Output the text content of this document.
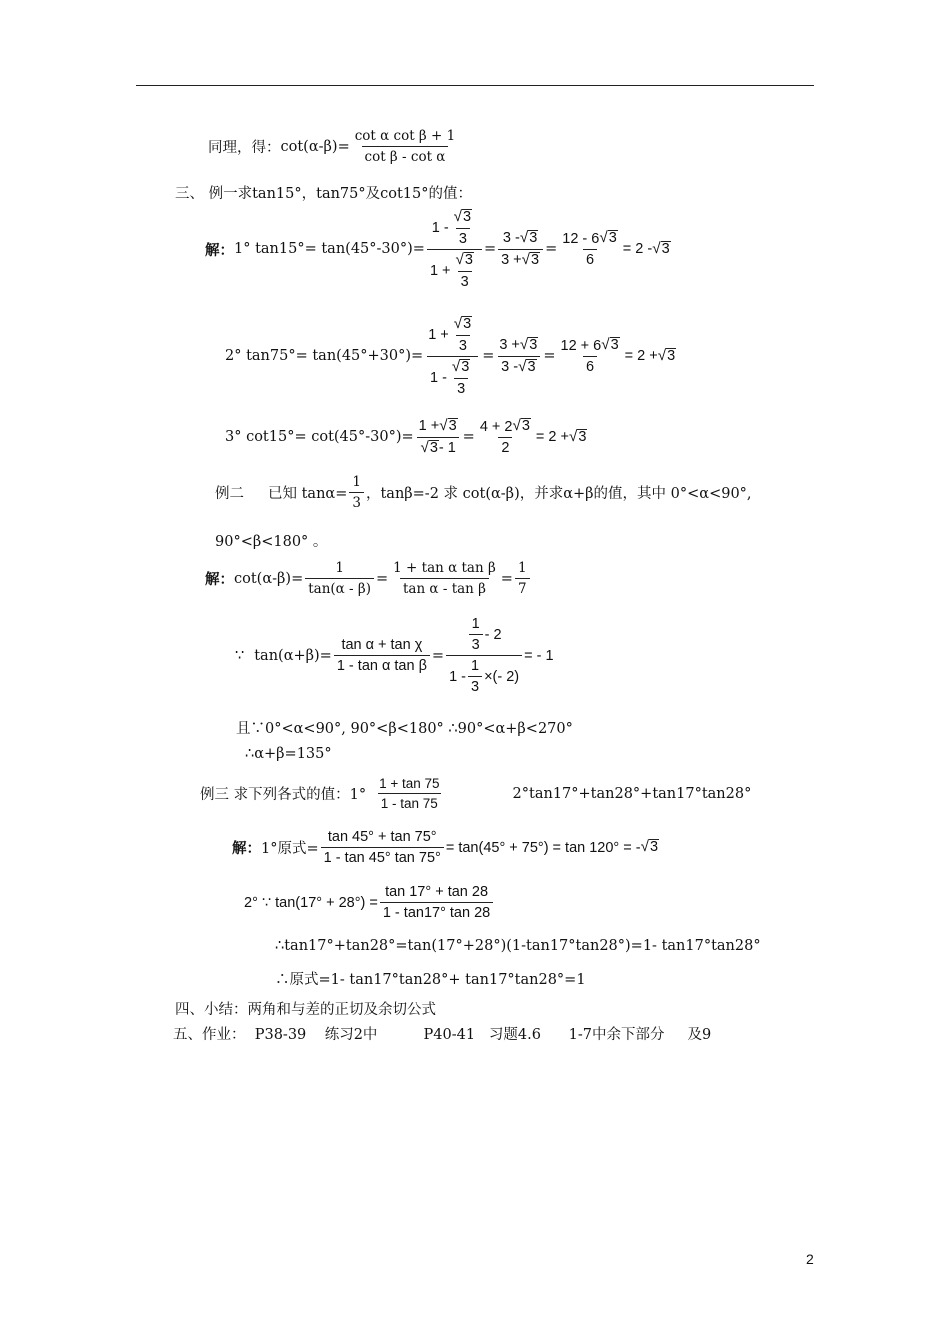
同理，得： $\cot(\alpha-\beta)= \frac{\text{cot α cot β + 1}}{\text{cot β - cot α}}$
三、 例一求tan15°，tan75°及cot15°的值：
解： 1° $\tan 15^\circ= \tan(45^\circ-30^\circ)= \frac{1 - \frac{√ 3}{3}}{1 + \frac{√ 3}{3}} = \frac{3 - √ 3}{3 + √ 3} = \frac{12 - 6 √ 3}{6} = 2$ - √ 3
2° $\tan 75^\circ= \tan(45^\circ+30^\circ)= \frac{1 + \frac{√ 3}{3}}{1 - \frac{√ 3}{3}} = \frac{3 + √ 3}{3 - √ 3} = \frac{12 + 6 √ 3}{6} = 2$ + √ 3
3° $\cot 15^\circ= \cot(45^\circ-30^\circ)= \frac{1 + √ 3}{√ 3 - 1} = \frac{4 + 2 √ 3}{2} = 2$ + √ 3
例二 已知 $\tan\alpha= \frac{1}{3}$ ，tanβ=-2 求 cot(α-β)，并求α+β的值，其中 0°<α<90°,
90°<β<180° 。
解： $\cot(\alpha-\beta)= \frac{1}{\tan(\alpha - \beta)} = \frac{\text{1 + tan α tan β}}{\text{tan α - tan β}} = \frac{1}{7}$
∵ $\tan(\alpha+\beta)= \frac{\text{tan α + tan χ}}{\text{1 - tan α tan β}} = \frac{\frac{1}{3} - 2}{1 - \frac{1}{3} \times(- 2)}$ = - 1
且∵0°<α<90°, 90°<β<180° ∴90°<α+β<270°
∴α+β=135°
例三 求下列各式的值：$1^\circ \frac{1 + \tan 75}{1 - \tan 75}$	2°tan17°+tan28°+tan17°tan28°
解： 1°原式= $\frac{\tan 45^\circ + \tan 75^\circ}{1 - \tan 45^\circ \tan 75^\circ} = \tan(45^\circ + 75^\circ) = \tan 120^\circ$ = - √ 3
2° ∵ $\tan(17^\circ + 28^\circ) = \frac{\tan 17^\circ + \tan 28}{1 - \tan 17^\circ \tan 28}$
∴tan17°+tan28°=tan(17°+28°)(1-tan17°tan28°)=1- tan17°tan28°
∴原式=1- tan17°tan28°+ tan17°tan28°=1
四、小结：两角和与差的正切及余切公式
五、作业：  P38-39    练习2中          P40-41   习题4.6      1-7中余下部分     及9
2
